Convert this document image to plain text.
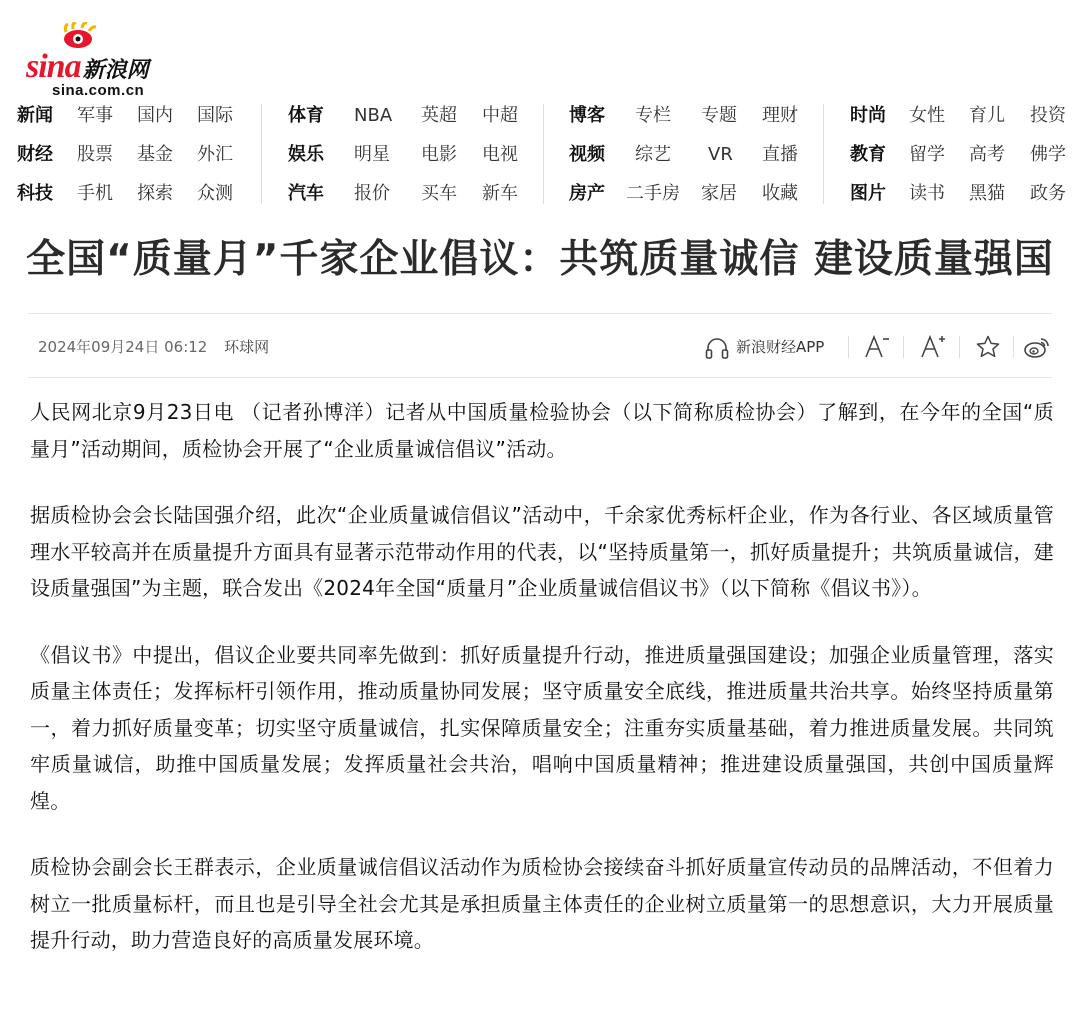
sina新浪网
sina.com.cn
新闻 军事 国内 国际
财经 股票 基金 外汇
科技 手机 探索 众测
体育 NBA 英超 中超
娱乐 明星 电影 电视
汽车 报价 买车 新车
博客 专栏 专题 理财
视频 综艺 VR 直播
房产 二手房 家居 收藏
时尚 女性 育儿 投资
教育 留学 高考 佛学
图片 读书 黑猫 政务
全国“质量月”千家企业倡议：共筑质量诚信 建设质量强国
2024年09月24日 06:12 环球网	新浪财经APP

人民网北京9月23日电 （记者孙博洋）记者从中国质量检验协会（以下简称质检协会）了解到，在今年的全国“质量月”活动期间，质检协会开展了“企业质量诚信倡议”活动。

据质检协会会长陆国强介绍，此次“企业质量诚信倡议”活动中，千余家优秀标杆企业，作为各行业、各区域质量管理水平较高并在质量提升方面具有显著示范带动作用的代表，以“坚持质量第一，抓好质量提升；共筑质量诚信，建设质量强国”为主题，联合发出《2024年全国“质量月”企业质量诚信倡议书》（以下简称《倡议书》）。

《倡议书》中提出，倡议企业要共同率先做到：抓好质量提升行动，推进质量强国建设；加强企业质量管理，落实质量主体责任；发挥标杆引领作用，推动质量协同发展；坚守质量安全底线，推进质量共治共享。始终坚持质量第一，着力抓好质量变革；切实坚守质量诚信，扎实保障质量安全；注重夯实质量基础，着力推进质量发展。共同筑牢质量诚信，助推中国质量发展；发挥质量社会共治，唱响中国质量精神；推进建设质量强国，共创中国质量辉煌。

质检协会副会长王群表示，企业质量诚信倡议活动作为质检协会接续奋斗抓好质量宣传动员的品牌活动，不但着力树立一批质量标杆，而且也是引导全社会尤其是承担质量主体责任的企业树立质量第一的思想意识，大力开展质量提升行动，助力营造良好的高质量发展环境。
